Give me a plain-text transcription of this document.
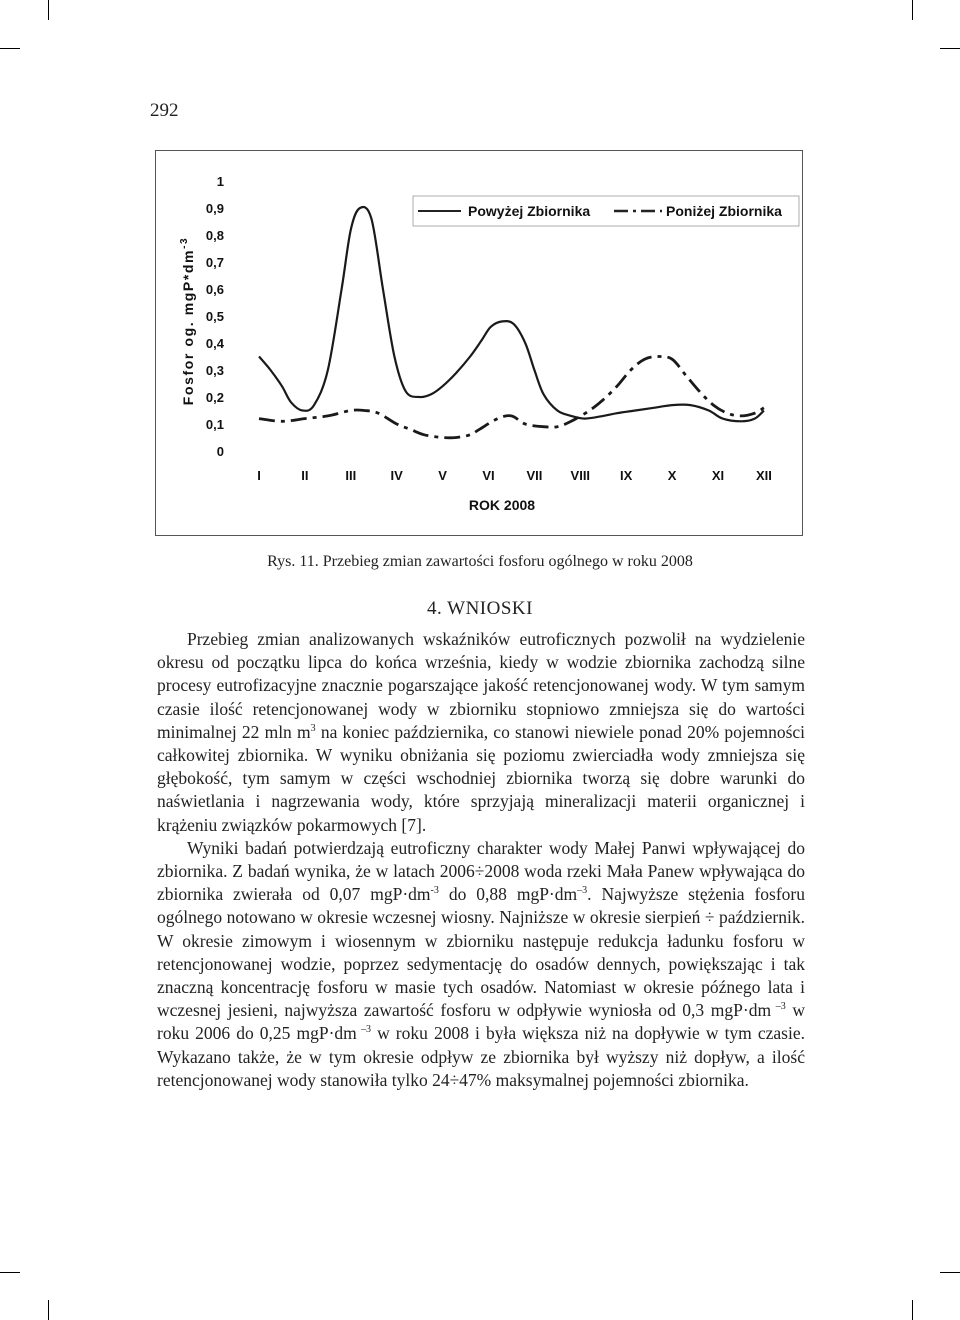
292
0
0,1
0,2
0,3
0,4
0,5
0,6
0,7
0,8
0,9
1
I	II	III	IV	V	VI VII VIII IX	X	XI XII
Powyżej Zbiornika	Poniżej Zbiornika
ROK 2008
Fosfor og. $mgP*dm^{-3}$
Rys. 11. Przebieg zmian zawartości fosforu ogólnego w roku 2008
4. WNIOSKI

Przebieg zmian analizowanych wskaźników eutroficznych pozwolił na wydzielenie okresu od początku lipca do końca września, kiedy w wodzie zbiornika zachodzą silne procesy eutrofizacyjne znacznie pogarszające jakość retencjonowanej wody. W tym samym czasie ilość retencjonowanej wody w zbiorniku stopniowo zmniejsza się do wartości minimalnej 22 mln $m^3$ na koniec października, co stanowi niewiele ponad 20% pojemności całkowitej zbiornika. W wyniku obniżania się poziomu zwierciadła wody zmniejsza się głębokość, tym samym w części wschodniej zbiornika tworzą się dobre warunki do naświetlania i nagrzewania wody, które sprzyjają mineralizacji materii organicznej i krążeniu związków pokarmowych [7].

Wyniki badań potwierdzają eutroficzny charakter wody Małej Panwi wpływającej do zbiornika. Z badań wynika, że w latach 2006÷2008 woda rzeki Mała Panew wpływająca do zbiornika zwierała od 0,07 $mgP\cdot dm^{-3}$ do 0,88 $mgP\cdot dm^{-3}$. Najwyższe stężenia fosforu ogólnego notowano w okresie wczesnej wiosny. Najniższe w okresie sierpień ÷ październik. W okresie zimowym i wiosennym w zbiorniku następuje redukcja ładunku fosforu w retencjonowanej wodzie, poprzez sedymentację do osadów dennych, powiększając i tak znaczną koncentrację fosforu w masie tych osadów. Natomiast w okresie późnego lata i wczesnej jesieni, najwyższa zawartość fosforu w odpływie wyniosła od 0,3 mgP·dm $^{-3}$ w roku 2006 do 0,25 mgP·dm $^{-3}$ w roku 2008 i była większa niż na dopływie w tym czasie. Wykazano także, że w tym okresie odpływ ze zbiornika był wyższy niż dopływ, a ilość retencjonowanej wody stanowiła tylko 24÷47% maksymalnej pojemności zbiornika.
